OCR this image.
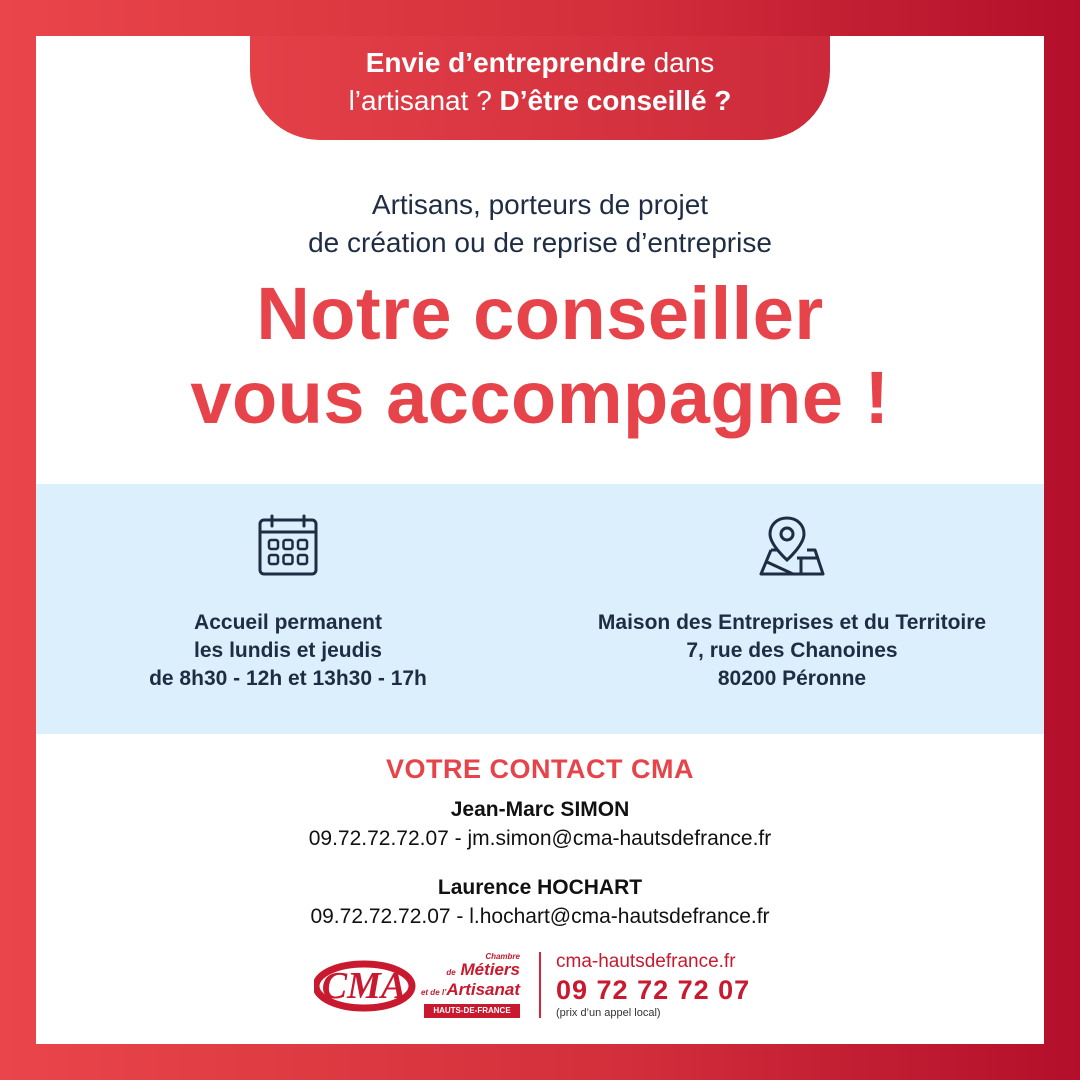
Envie d’entreprendre dans
l’artisanat ? D’être conseillé ?
Artisans, porteurs de projet
de création ou de reprise d’entreprise
Notre conseiller
vous accompagne !
Accueil permanent
les lundis et jeudis
de 8h30 - 12h et 13h30 - 17h
Maison des Entreprises et du Territoire
7, rue des Chanoines
80200 Péronne
VOTRE CONTACT CMA
Jean-Marc SIMON
09.72.72.72.07 - jm.simon@cma-hautsdefrance.fr
Laurence HOCHART
09.72.72.72.07 - l.hochart@cma-hautsdefrance.fr
CMA
Chambre
de Métiers
et de l’Artisanat
HAUTS-DE-FRANCE
cma-hautsdefrance.fr
09 72 72 72 07
(prix d’un appel local)
